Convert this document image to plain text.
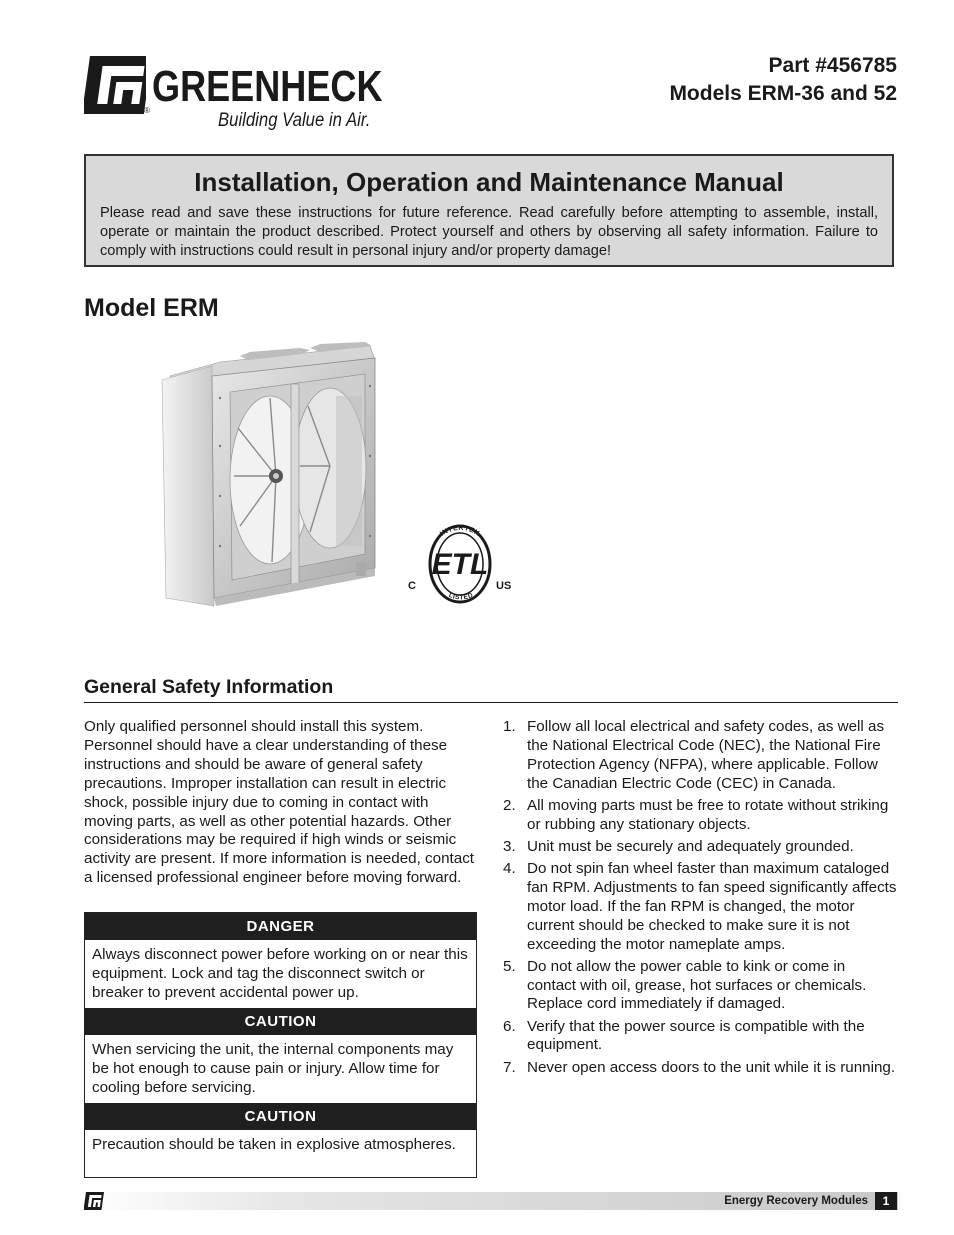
GREENHECK
®	Building Value in Air.
Part #456785
Models ERM-36 and 52
Installation, Operation and Maintenance Manual
Please read and save these instructions for future reference. Read carefully before attempting to assemble, install, operate or maintain the product described. Protect yourself and others by observing all safety information. Failure to comply with instructions could result in personal injury and/or property damage!
Model ERM
ETL
INTERTEK
LISTED
C	US
General Safety Information
Only qualified personnel should install this system. Personnel should have a clear understanding of these instructions and should be aware of general safety precautions. Improper installation can result in electric shock, possible injury due to coming in contact with moving parts, as well as other potential hazards. Other considerations may be required if high winds or seismic activity are present. If more information is needed, contact a licensed professional engineer before moving forward.
DANGER
Always disconnect power before working on or near this equipment. Lock and tag the disconnect switch or breaker to prevent accidental power up.
CAUTION
When servicing the unit, the internal components may be hot enough to cause pain or injury. Allow time for cooling before servicing.
CAUTION
Precaution should be taken in explosive atmospheres.
1. Follow all local electrical and safety codes, as well as the National Electrical Code (NEC), the National Fire Protection Agency (NFPA), where applicable. Follow the Canadian Electric Code (CEC) in Canada.
2. All moving parts must be free to rotate without striking or rubbing any stationary objects.
3. Unit must be securely and adequately grounded.
4. Do not spin fan wheel faster than maximum cataloged fan RPM. Adjustments to fan speed significantly affects motor load. If the fan RPM is changed, the motor current should be checked to make sure it is not exceeding the motor nameplate amps.
5. Do not allow the power cable to kink or come in contact with oil, grease, hot surfaces or chemicals. Replace cord immediately if damaged.
6. Verify that the power source is compatible with the equipment.
7. Never open access doors to the unit while it is running.
Energy Recovery Modules	1
